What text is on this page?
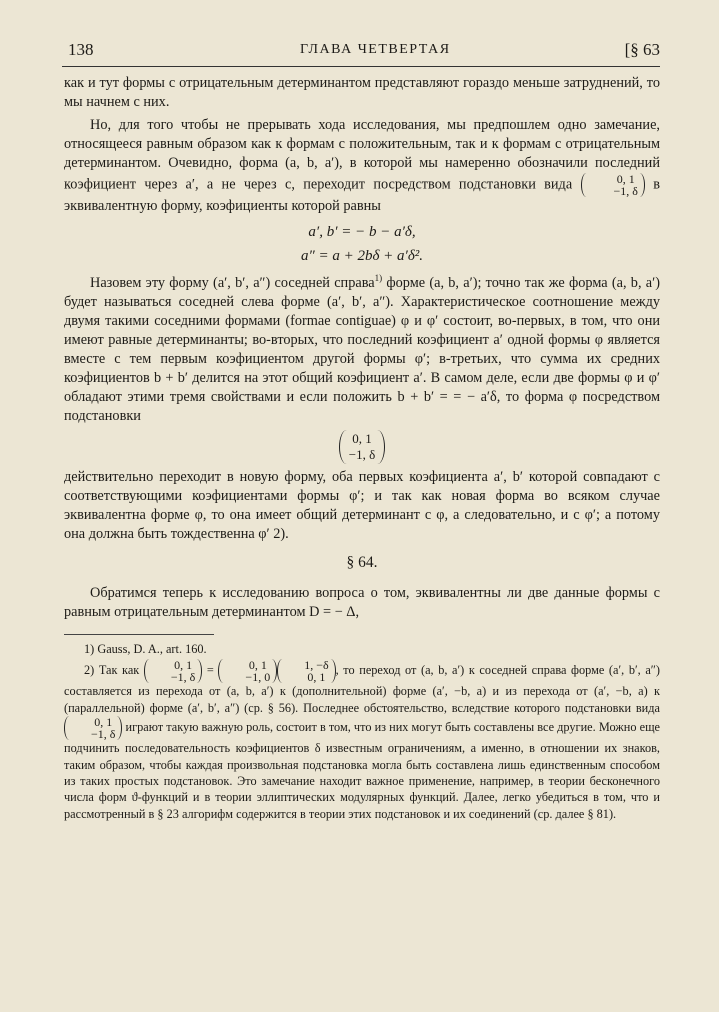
138	ГЛАВА ЧЕТВЕРТАЯ	[§ 63

как и тут формы с отрицательным детерминантом представляют гораздо меньше затруднений, то мы начнем с них.

Но, для того чтобы не прерывать хода исследования, мы предпошлем одно замечание, относящееся равным образом как к формам с положительным, так и к формам с отрицательным детерминантом. Очевидно, форма (a, b, a′), в которой мы намеренно обозначили последний коэфициент через a′, а не через c, переходит посредством подстановки вида	0, 1
−1, δ в эквивалентную форму, коэфициенты которой равны

a′, b′ = − b − a′δ,

a″ = a + 2bδ + a′δ².

Назовем эту форму (a′, b′, a″) соседней справа$^{1)}$ форме (a, b, a′); точно так же форма (a, b, a′) будет называться соседней слева форме (a′, b′, a″). Характеристическое соотношение между двумя такими соседними формами (formae contiguae) φ и φ′ состоит, во-первых, в том, что они имеют равные детерминанты; во-вторых, что последний коэфициент a′ одной формы φ является вместе с тем первым коэфициентом другой формы φ′; в-третьих, что сумма их средних коэфициентов b + b′ делится на этот общий коэфициент a′. В самом деле, если две формы φ и φ′ обладают этими тремя свойствами и если положить b + b′ = = − a′δ, то форма φ посредством подстановки

0, 1
−1, δ

действительно переходит в новую форму, оба первых коэфициента a′, b′ которой совпадают с соответствующими коэфициентами формы φ′; и так как новая форма во всяком случае эквивалентна форме φ, то она имеет общий детерминант с φ, а следовательно, и с φ′; а потому она должна быть тождественна φ′ 2).

§ 64.

Обратимся теперь к исследованию вопроса о том, эквивалентны ли две данные формы с равным отрицательным детерминантом D = − Δ,

1) Gauss, D. A., art. 160.

2) Так как	0, 1
−1, δ
=	0, 1
−1, 0
1, −δ
0, 1
, то переход от (a, b, a′) к соседней справа форме (a′, b′, a″) составляется из перехода от (a, b, a′) к (дополнительной) форме (a′, −b, a) и из перехода от (a′, −b, a) к (параллельной) форме (a′, b′, a″) (ср. § 56). Последнее обстоятельство, вследствие которого подстановки вида
0, 1
−1, δ
играют такую важную роль, состоит в том, что из них могут быть составлены все другие. Можно еще подчинить последовательность коэфициентов δ известным ограничениям, а именно, в отношении их знаков, таким образом, чтобы каждая произвольная подстановка могла быть составлена лишь единственным способом из таких простых подстановок. Это замечание находит важное применение, например, в теории бесконечного числа форм ϑ-функций и в теории эллиптических модулярных функций. Далее, легко убедиться в том, что и рассмотренный в § 23 алгорифм содержится в теории этих подстановок и их соединений (ср. далее § 81).
